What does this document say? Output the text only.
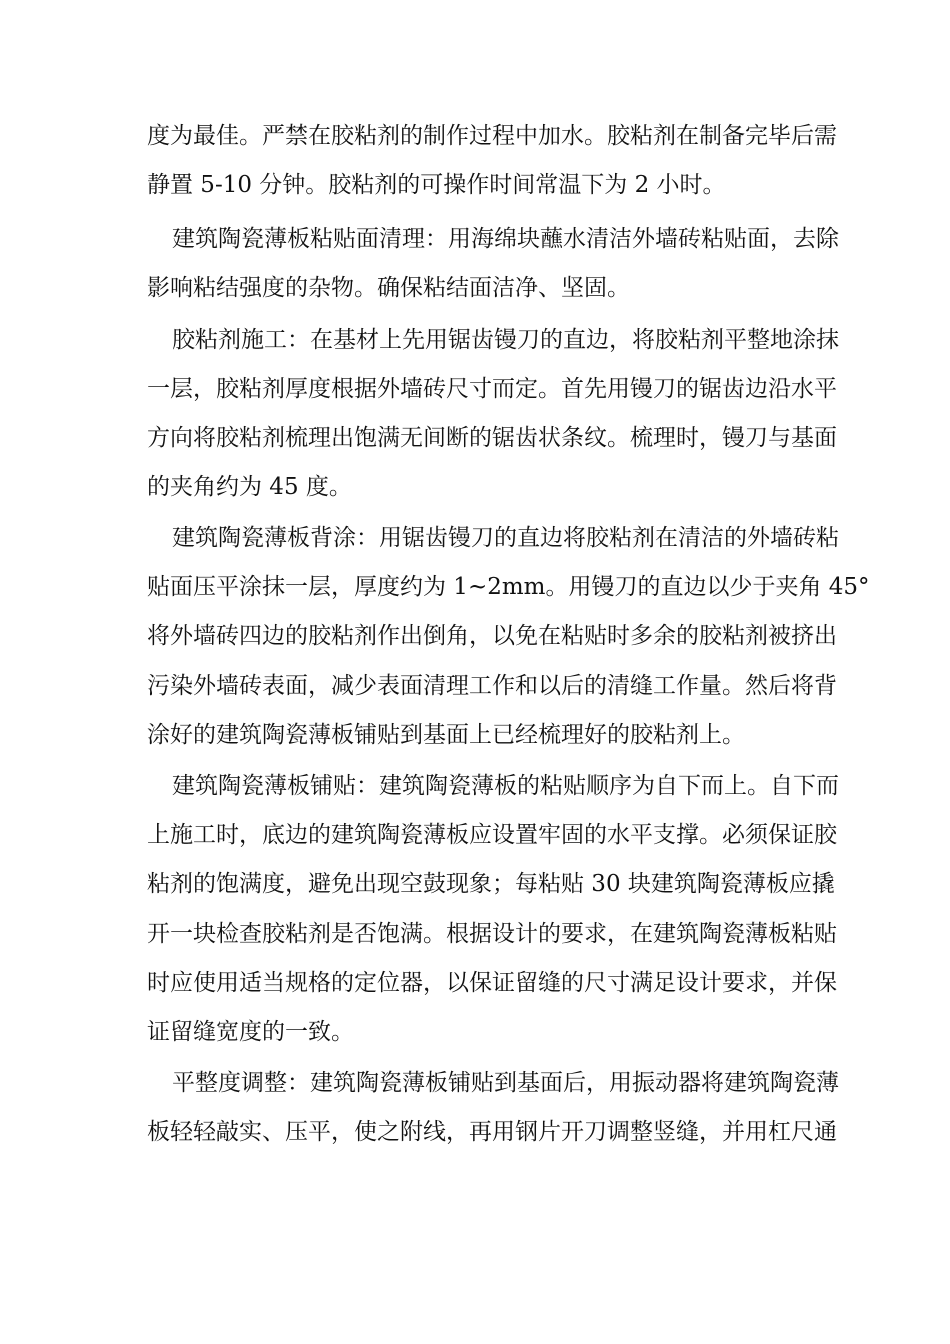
度为最佳。严禁在胶粘剂的制作过程中加水。胶粘剂在制备完毕后需
静置 5-10 分钟。胶粘剂的可操作时间常温下为 2 小时。
建筑陶瓷薄板粘贴面清理：用海绵块蘸水清洁外墙砖粘贴面，去除
影响粘结强度的杂物。确保粘结面洁净、坚固。
胶粘剂施工：在基材上先用锯齿镘刀的直边，将胶粘剂平整地涂抹
一层，胶粘剂厚度根据外墙砖尺寸而定。首先用镘刀的锯齿边沿水平
方向将胶粘剂梳理出饱满无间断的锯齿状条纹。梳理时，镘刀与基面
的夹角约为 45 度。
建筑陶瓷薄板背涂：用锯齿镘刀的直边将胶粘剂在清洁的外墙砖粘
贴面压平涂抹一层，厚度约为 1~2mm。用镘刀的直边以少于夹角 45°
将外墙砖四边的胶粘剂作出倒角，以免在粘贴时多余的胶粘剂被挤出
污染外墙砖表面，减少表面清理工作和以后的清缝工作量。然后将背
涂好的建筑陶瓷薄板铺贴到基面上已经梳理好的胶粘剂上。
建筑陶瓷薄板铺贴：建筑陶瓷薄板的粘贴顺序为自下而上。自下而
上施工时，底边的建筑陶瓷薄板应设置牢固的水平支撑。必须保证胶
粘剂的饱满度，避免出现空鼓现象；每粘贴 30 块建筑陶瓷薄板应撬
开一块检查胶粘剂是否饱满。根据设计的要求，在建筑陶瓷薄板粘贴
时应使用适当规格的定位器，以保证留缝的尺寸满足设计要求，并保
证留缝宽度的一致。
平整度调整：建筑陶瓷薄板铺贴到基面后，用振动器将建筑陶瓷薄
板轻轻敲实、压平，使之附线，再用钢片开刀调整竖缝，并用杠尺通
